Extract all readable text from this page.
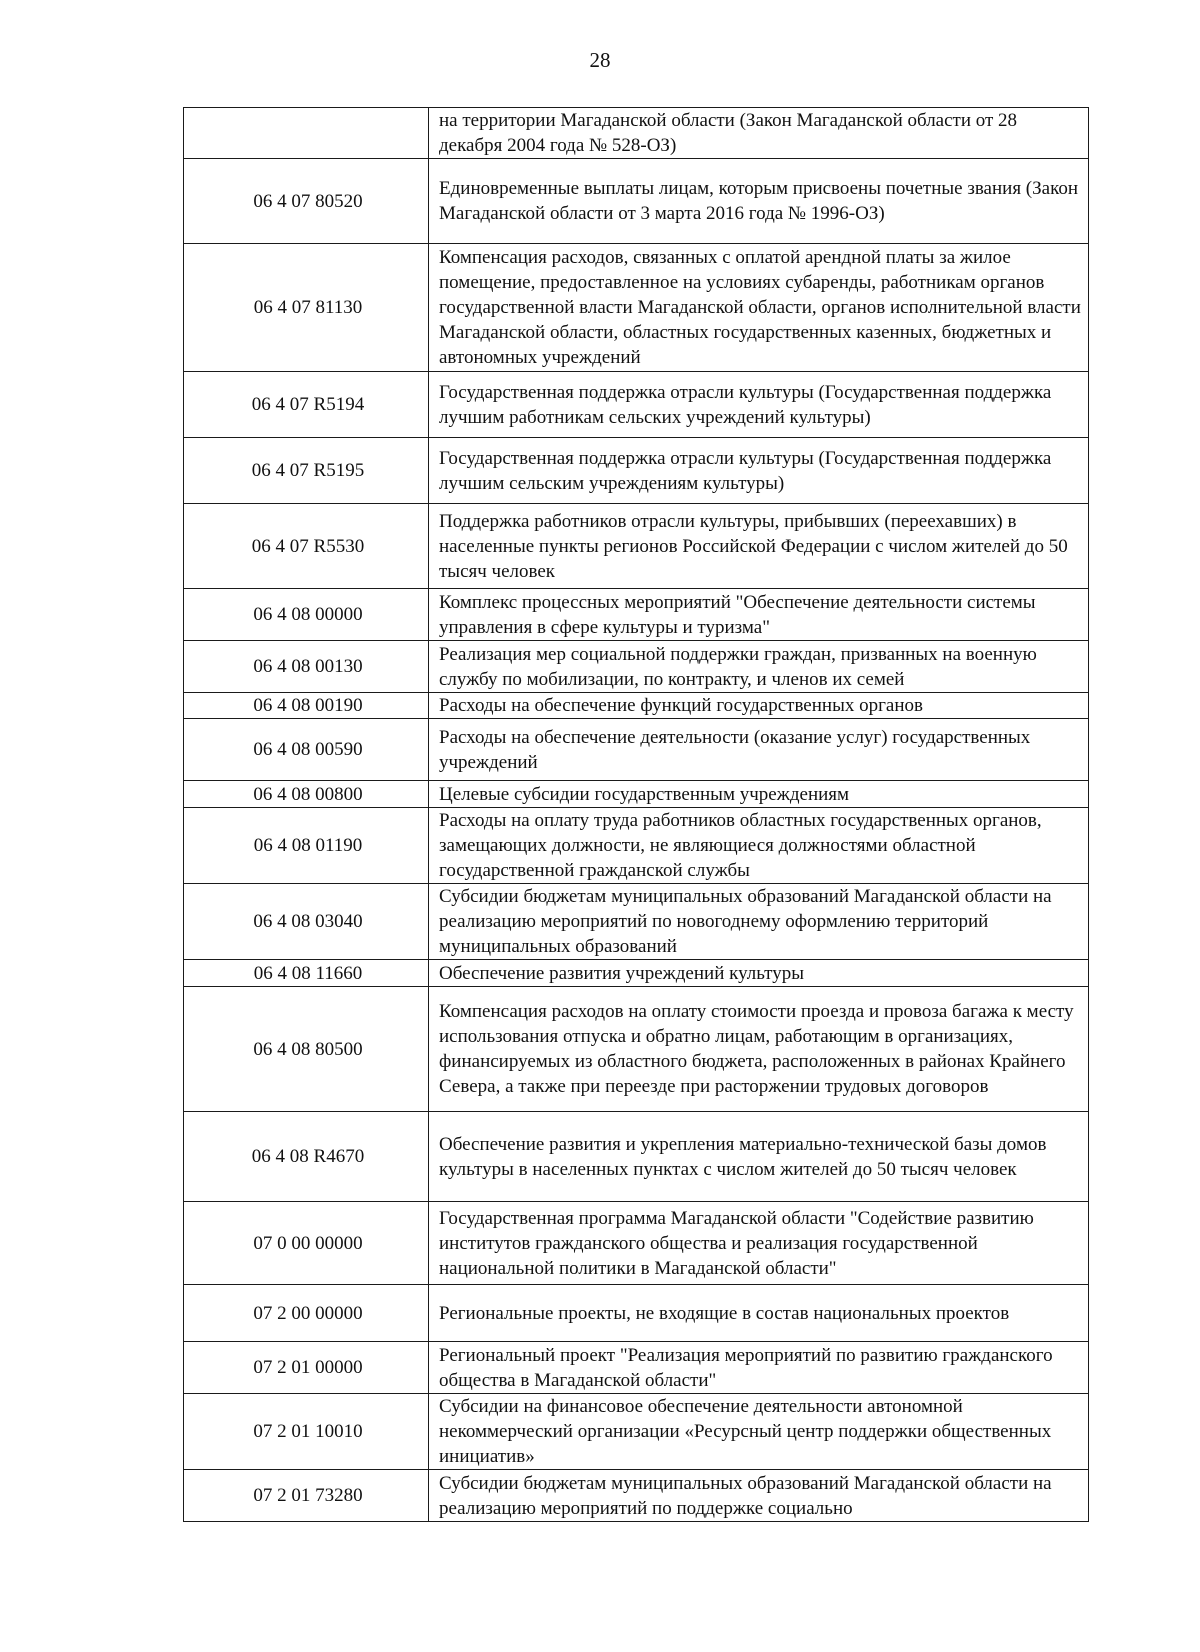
28
	на территории Магаданской области (Закон Магаданской области от 28 декабря 2004 года № 528-ОЗ)
06 4 07 80520	Единовременные выплаты лицам, которым присвоены почетные звания (Закон Магаданской области от 3 марта 2016 года № 1996-ОЗ)
06 4 07 81130	Компенсация расходов, связанных с оплатой арендной платы за жилое помещение, предоставленное на условиях субаренды, работникам органов государственной власти Магаданской области, органов исполнительной власти Магаданской области, областных государственных казенных, бюджетных и автономных учреждений
06 4 07 R5194	Государственная поддержка отрасли культуры (Государственная поддержка лучшим работникам сельских учреждений культуры)
06 4 07 R5195	Государственная поддержка отрасли культуры (Государственная поддержка лучшим сельским учреждениям культуры)
06 4 07 R5530	Поддержка работников отрасли культуры, прибывших (переехавших) в населенные пункты регионов Российской Федерации с числом жителей до 50 тысяч человек
06 4 08 00000	Комплекс процессных мероприятий "Обеспечение деятельности системы управления в сфере культуры и туризма"
06 4 08 00130	Реализация мер социальной поддержки граждан, призванных на военную службу по мобилизации, по контракту, и членов их семей
06 4 08 00190	Расходы на обеспечение функций государственных органов
06 4 08 00590	Расходы на обеспечение деятельности (оказание услуг) государственных учреждений
06 4 08 00800	Целевые субсидии государственным учреждениям
06 4 08 01190	Расходы на оплату труда работников областных государственных органов, замещающих должности, не являющиеся должностями областной государственной гражданской службы
06 4 08 03040	Субсидии бюджетам муниципальных образований Магаданской области на реализацию мероприятий по новогоднему оформлению территорий муниципальных образований
06 4 08 11660	Обеспечение развития учреждений культуры
06 4 08 80500	Компенсация расходов на оплату стоимости проезда и провоза багажа к месту использования отпуска и обратно лицам, работающим в организациях, финансируемых из областного бюджета, расположенных в районах Крайнего Севера, а также при переезде при расторжении трудовых договоров
06 4 08 R4670	Обеспечение развития и укрепления материально-технической базы домов культуры в населенных пунктах с числом жителей до 50 тысяч человек
07 0 00 00000	Государственная программа Магаданской области "Содействие развитию институтов гражданского общества и реализация государственной национальной политики в Магаданской области"
07 2 00 00000	Региональные проекты, не входящие в состав национальных проектов
07 2 01 00000	Региональный проект "Реализация мероприятий по развитию гражданского общества в Магаданской области"
07 2 01 10010	Субсидии на финансовое обеспечение деятельности автономной некоммерческий организации «Ресурсный центр поддержки общественных инициатив»
07 2 01 73280	Субсидии бюджетам муниципальных образований Магаданской области на реализацию мероприятий по поддержке социально
